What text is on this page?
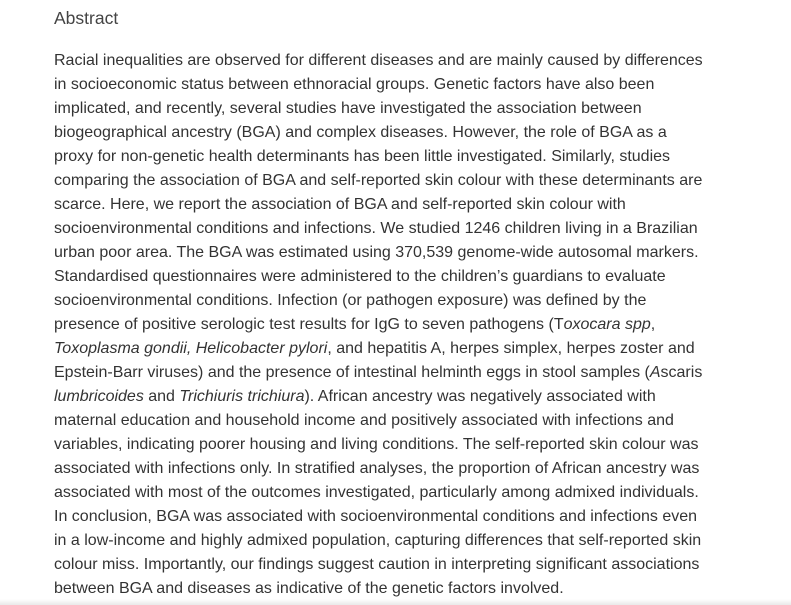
Abstract

Racial inequalities are observed for different diseases and are mainly caused by differences
in socioeconomic status between ethnoracial groups. Genetic factors have also been
implicated, and recently, several studies have investigated the association between
biogeographical ancestry (BGA) and complex diseases. However, the role of BGA as a
proxy for non-genetic health determinants has been little investigated. Similarly, studies
comparing the association of BGA and self-reported skin colour with these determinants are
scarce. Here, we report the association of BGA and self-reported skin colour with
socioenvironmental conditions and infections. We studied 1246 children living in a Brazilian
urban poor area. The BGA was estimated using 370,539 genome-wide autosomal markers.
Standardised questionnaires were administered to the children’s guardians to evaluate
socioenvironmental conditions. Infection (or pathogen exposure) was defined by the
presence of positive serologic test results for IgG to seven pathogens (Toxocara spp,
Toxoplasma gondii, Helicobacter pylori, and hepatitis A, herpes simplex, herpes zoster and
Epstein-Barr viruses) and the presence of intestinal helminth eggs in stool samples (Ascaris
lumbricoides and Trichiuris trichiura). African ancestry was negatively associated with
maternal education and household income and positively associated with infections and
variables, indicating poorer housing and living conditions. The self-reported skin colour was
associated with infections only. In stratified analyses, the proportion of African ancestry was
associated with most of the outcomes investigated, particularly among admixed individuals.
In conclusion, BGA was associated with socioenvironmental conditions and infections even
in a low-income and highly admixed population, capturing differences that self-reported skin
colour miss. Importantly, our findings suggest caution in interpreting significant associations
between BGA and diseases as indicative of the genetic factors involved.
